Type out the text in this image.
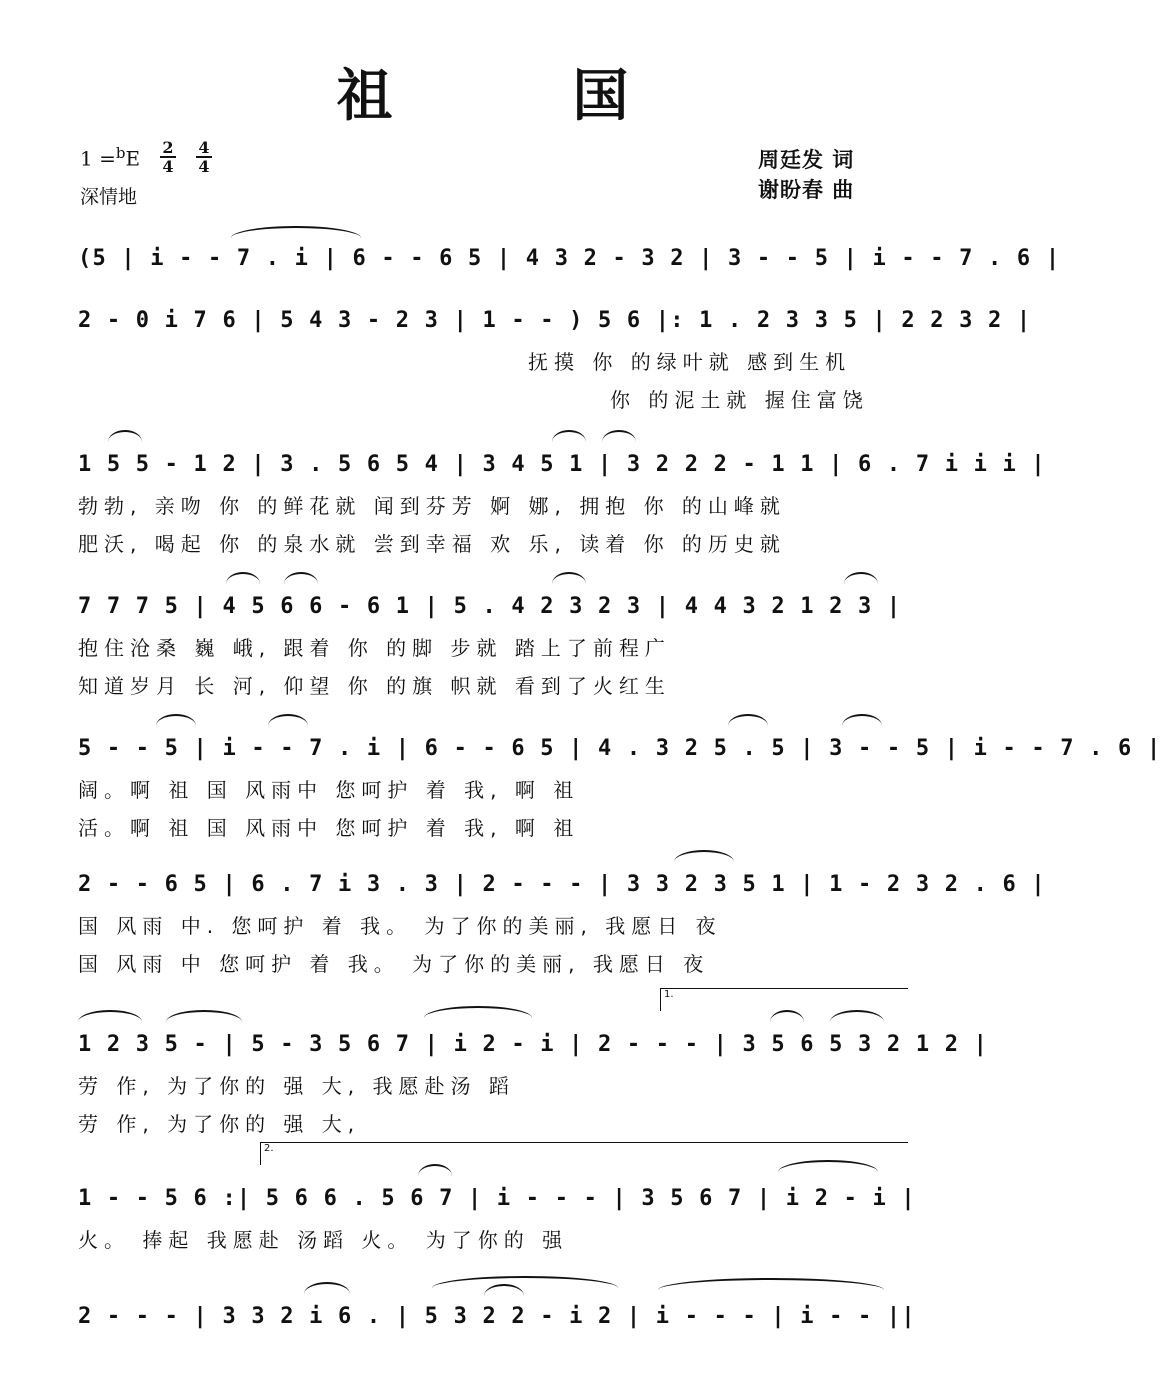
祖	国
1 =$^b$E 2
4
4
4
深情地
周廷发 词
谢盼春 曲
(5 | i - - 7 . i | 6 - - 6 5 | 4 3 2 - 3 2 | 3 - - 5 | i - - 7 . 6 |
2 - 0 i 7 6 | 5 4 3 - 2 3 | 1 - - ) 5 6 |: 1 . 2 3 3 5 | 2 2 3 2 |
抚摸 你 的绿叶就 感到生机
你 的泥土就 握住富饶
1 5 5 - 1 2 | 3 . 5 6 5 4 | 3 4 5 1 | 3 2 2 2 - 1 1 | 6 . 7 i i i |
勃勃, 亲吻 你 的鲜花就 闻到芬芳 婀 娜, 拥抱 你 的山峰就
肥沃, 喝起 你 的泉水就 尝到幸福 欢 乐, 读着 你 的历史就
7 7 7 5 | 4 5 6 6 - 6 1 | 5 . 4 2 3 2 3 | 4 4 3 2 1 2 3 |
抱住沧桑 巍 峨, 跟着 你 的脚 步就 踏上了前程广
知道岁月 长 河, 仰望 你 的旗 帜就 看到了火红生
5 - - 5 | i - - 7 . i | 6 - - 6 5 | 4 . 3 2 5 . 5 | 3 - - 5 | i - - 7 . 6 |
阔。啊 祖 国 风雨中 您呵护 着 我, 啊 祖
活。啊 祖 国 风雨中 您呵护 着 我, 啊 祖
2 - - 6 5 | 6 . 7 i 3 . 3 | 2 - - - | 3 3 2 3 5 1 | 1 - 2 3 2 . 6 |
国 风雨 中. 您呵护 着 我。 为了你的美丽, 我愿日 夜
国 风雨 中 您呵护 着 我。 为了你的美丽, 我愿日 夜
1.
1 2 3 5 - | 5 - 3 5 6 7 | i 2 - i | 2 - - - | 3 5 6 5 3 2 1 2 |
劳 作, 为了你的 强 大, 我愿赴汤 蹈
劳 作, 为了你的 强 大,
2.
1 - - 5 6 :| 5 6 6 . 5 6 7 | i - - - | 3 5 6 7 | i 2 - i |
火。 捧起 我愿赴 汤蹈 火。 为了你的 强
2 - - - | 3 3 2 i 6 . | 5 3 2 2 - i 2 | i - - - | i - - ||
